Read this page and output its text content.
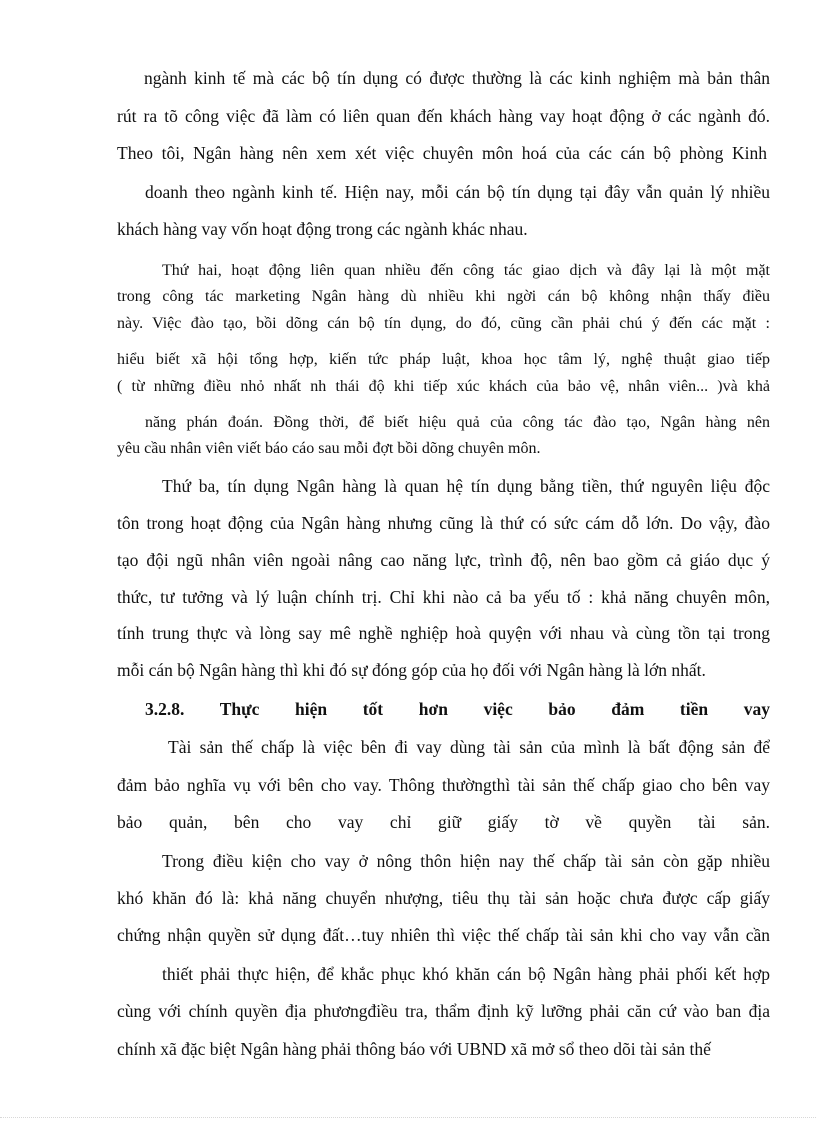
ngành kinh tế mà các bộ tín dụng có được thường là các kinh nghiệm mà bản thân
rút ra tõ công việc đã làm có liên quan đến khách hàng vay hoạt động ở các ngành đó.
Theo tôi, Ngân hàng nên xem xét việc chuyên môn hoá của các cán bộ phòng Kinh
doanh theo ngành kinh tế. Hiện nay, mỗi cán bộ tín dụng tại đây vẫn quản lý nhiều
khách hàng vay vốn hoạt động trong các ngành khác nhau.
Thứ hai, hoạt động liên quan nhiều đến công tác giao dịch và đây lại là một mặt
trong công tác marketing Ngân hàng dù nhiều khi ngời cán bộ không nhận thấy điều
này. Việc đào tạo, bồi dõng cán bộ tín dụng, do đó, cũng cần phải chú ý đến các mặt :
hiểu biết xã hội tổng hợp, kiến tức pháp luật, khoa học tâm lý, nghệ thuật giao tiếp
( từ những điều nhỏ nhất nh thái độ khi tiếp xúc khách của bảo vệ, nhân viên... )và khả
năng phán đoán. Đồng thời, để biết hiệu quả của công tác đào tạo, Ngân hàng nên
yêu cầu nhân viên viết báo cáo sau mỗi đợt bồi dõng chuyên môn.
Thứ ba, tín dụng Ngân hàng là quan hệ tín dụng bằng tiền, thứ nguyên liệu độc
tôn trong hoạt động của Ngân hàng nhưng cũng là thứ có sức cám dỗ lớn. Do vậy, đào
tạo đội ngũ nhân viên ngoài nâng cao năng lực, trình độ, nên bao gồm cả giáo dục ý
thức, tư tưởng và lý luận chính trị. Chỉ khi nào cả ba yếu tố : khả năng chuyên môn,
tính trung thực và lòng say mê nghề nghiệp hoà quyện với nhau và cùng tồn tại trong
mỗi cán bộ Ngân hàng thì khi đó sự đóng góp của họ đối với Ngân hàng là lớn nhất.
3.2.8. Thực hiện tốt hơn việc bảo đảm tiền vay
Tài sản thế chấp là việc bên đi vay dùng tài sản của mình là bất động sản để
đảm bảo nghĩa vụ với bên cho vay. Thông thườngthì tài sản thế chấp giao cho bên vay
bảo quản, bên cho vay chỉ giữ giấy tờ về quyền tài sản.
Trong điều kiện cho vay ở nông thôn hiện nay thế chấp tài sản còn gặp nhiều
khó khăn đó là: khả năng chuyển nhượng, tiêu thụ tài sản hoặc chưa được cấp giấy
chứng nhận quyền sử dụng đất…tuy nhiên thì việc thế chấp tài sản khi cho vay vẫn cần
thiết phải thực hiện, để khắc phục khó khăn cán bộ Ngân hàng phải phối kết hợp
cùng với chính quyền địa phươngđiều tra, thẩm định kỹ lưỡng phải căn cứ vào ban địa
chính xã đặc biệt Ngân hàng phải thông báo với UBND xã mở sổ theo dõi tài sản thế
